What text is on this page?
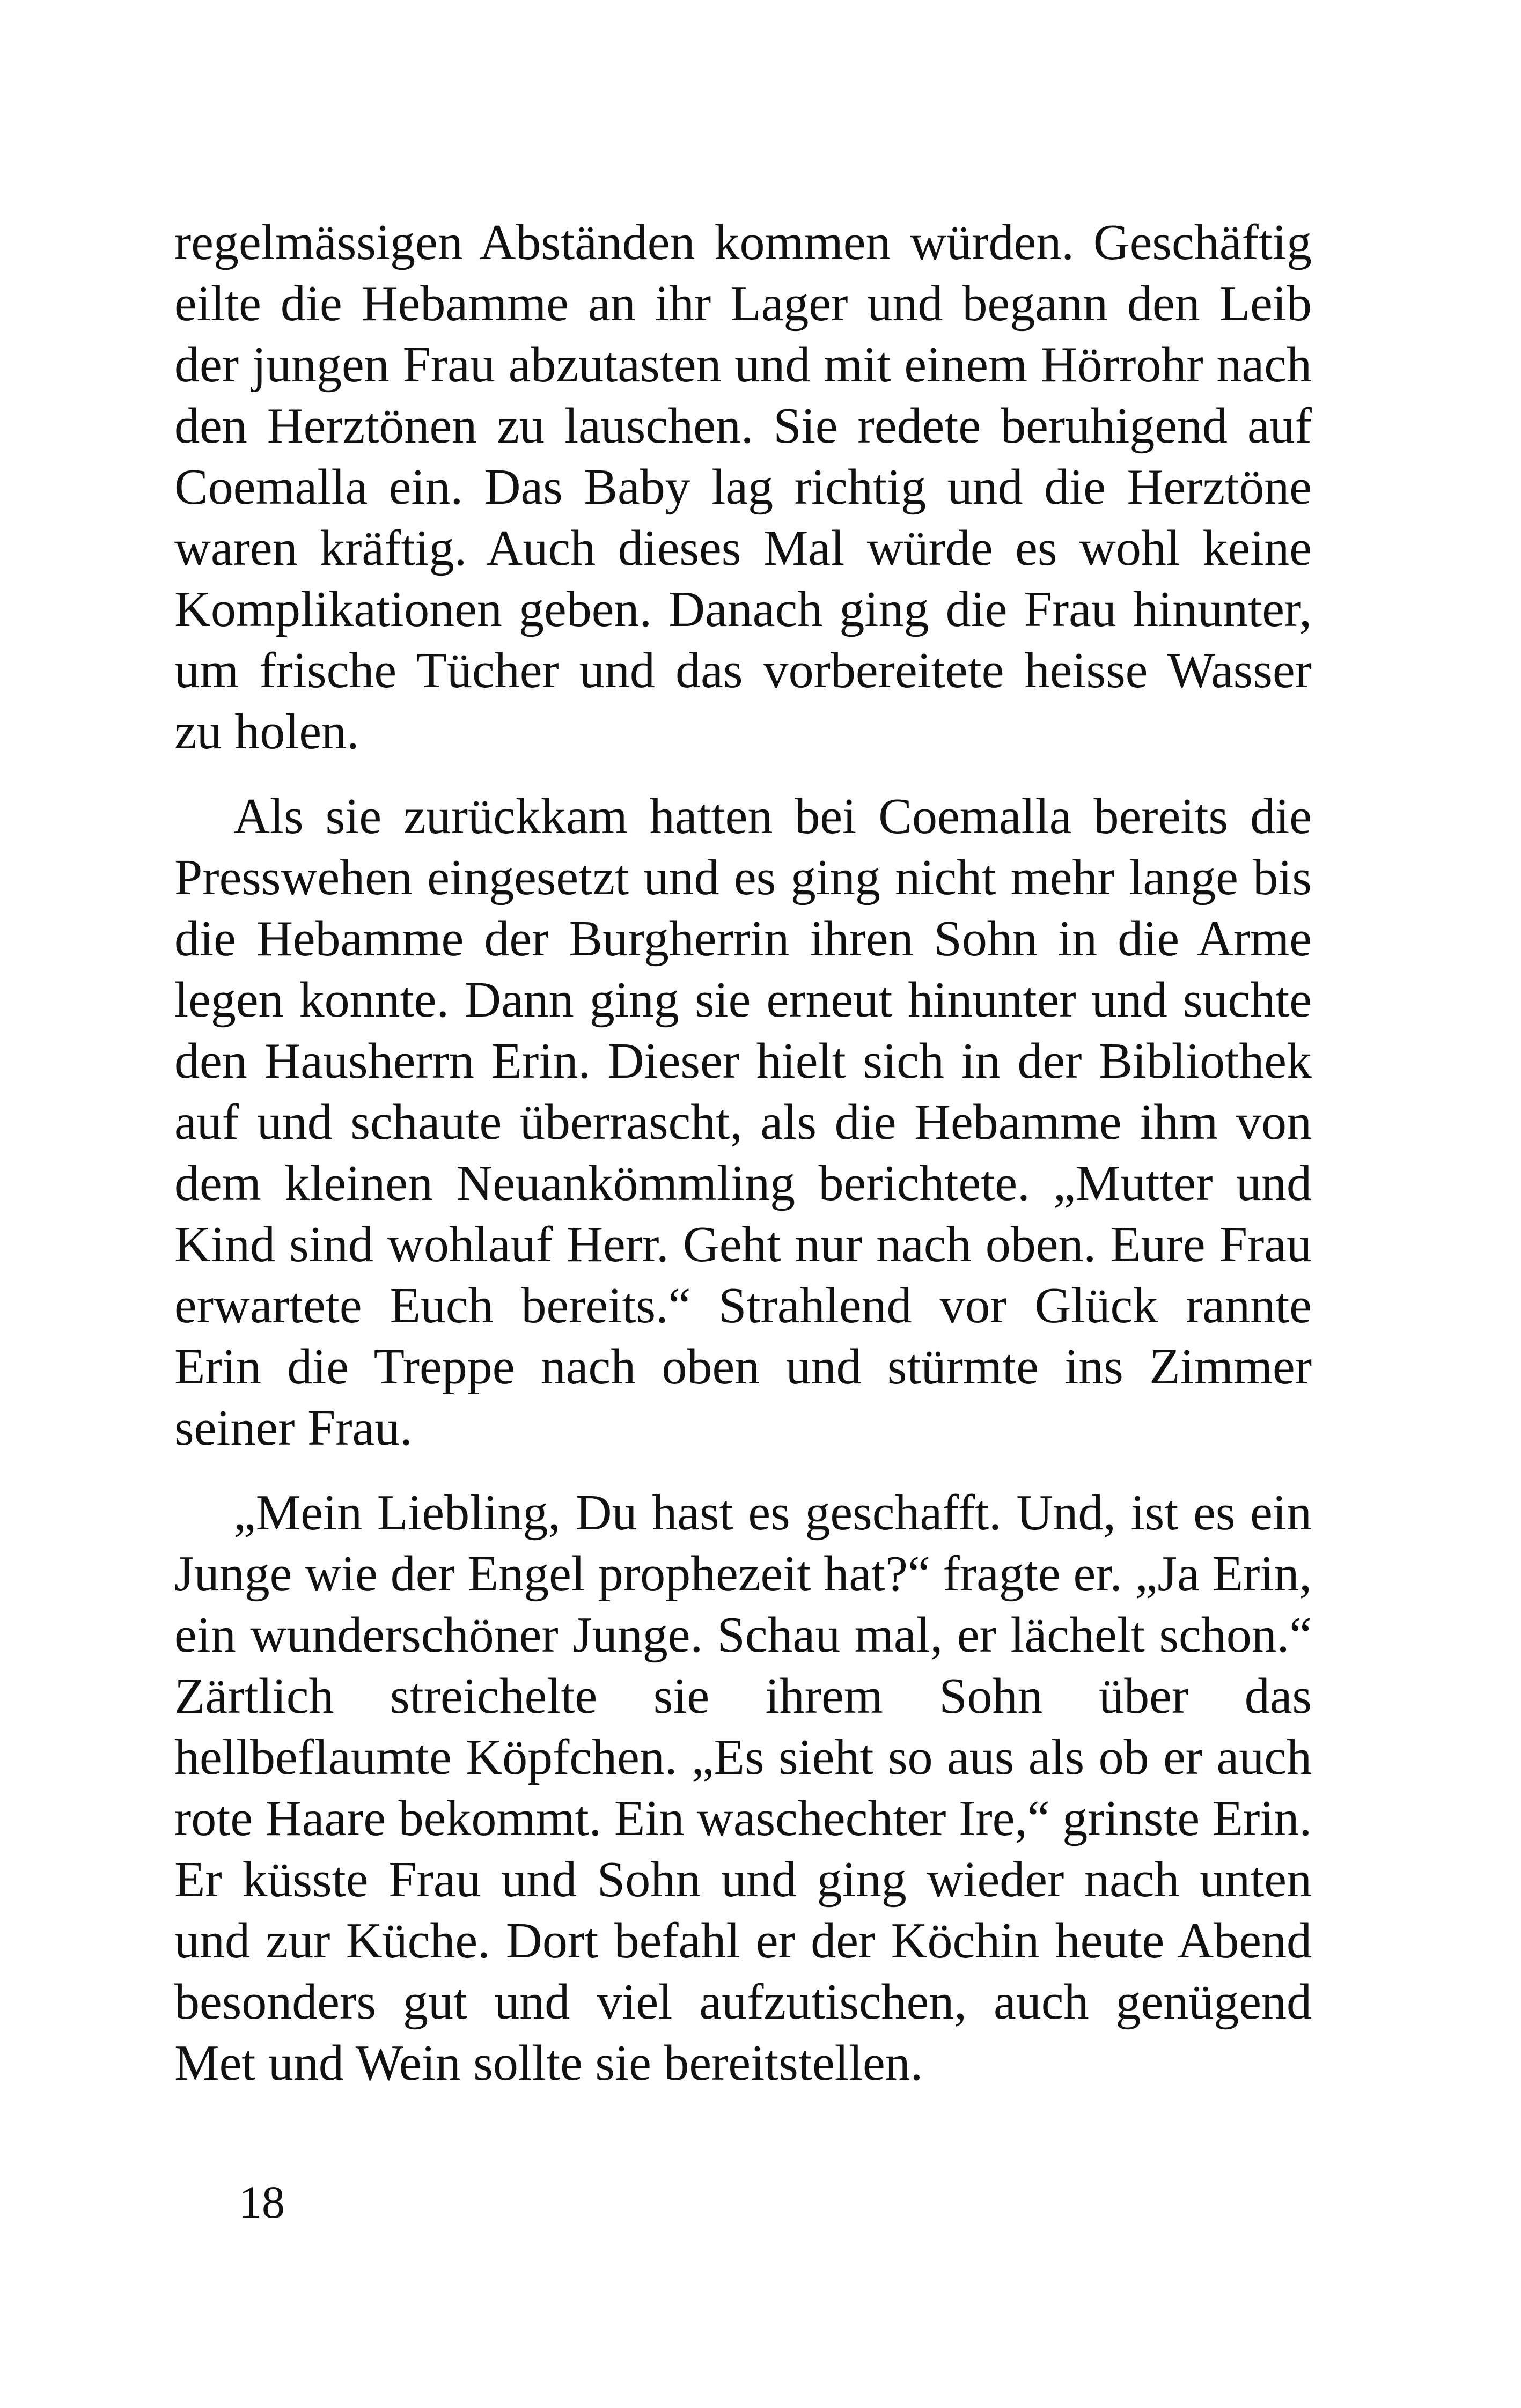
regelmässigen Abständen kommen würden. Geschäftig eilte die Hebamme an ihr Lager und begann den Leib der jungen Frau abzutasten und mit einem Hörrohr nach den Herztönen zu lauschen. Sie redete beruhigend auf Coemalla ein. Das Baby lag richtig und die Herztöne waren kräftig. Auch dieses Mal würde es wohl keine Komplikationen geben. Danach ging die Frau hinunter, um frische Tücher und das vorbereitete heisse Wasser zu holen.

Als sie zurückkam hatten bei Coemalla bereits die Presswehen eingesetzt und es ging nicht mehr lange bis die Hebamme der Burgherrin ihren Sohn in die Arme legen konnte. Dann ging sie erneut hinunter und suchte den Hausherrn Erin. Dieser hielt sich in der Bibliothek auf und schaute überrascht, als die Hebamme ihm von dem kleinen Neuankömmling berichtete. „Mutter und Kind sind wohlauf Herr. Geht nur nach oben. Eure Frau erwartete Euch bereits.“ Strahlend vor Glück rannte Erin die Treppe nach oben und stürmte ins Zimmer seiner Frau.

„Mein Liebling, Du hast es geschafft. Und, ist es ein Junge wie der Engel prophezeit hat?“ fragte er. „Ja Erin, ein wunderschöner Junge. Schau mal, er lächelt schon.“ Zärtlich streichelte sie ihrem Sohn über das hellbeflaumte Köpfchen. „Es sieht so aus als ob er auch rote Haare bekommt. Ein waschechter Ire,“ grinste Erin. Er küsste Frau und Sohn und ging wieder nach unten und zur Küche. Dort befahl er der Köchin heute Abend besonders gut und viel aufzutischen, auch genügend Met und Wein sollte sie bereitstellen.

18
